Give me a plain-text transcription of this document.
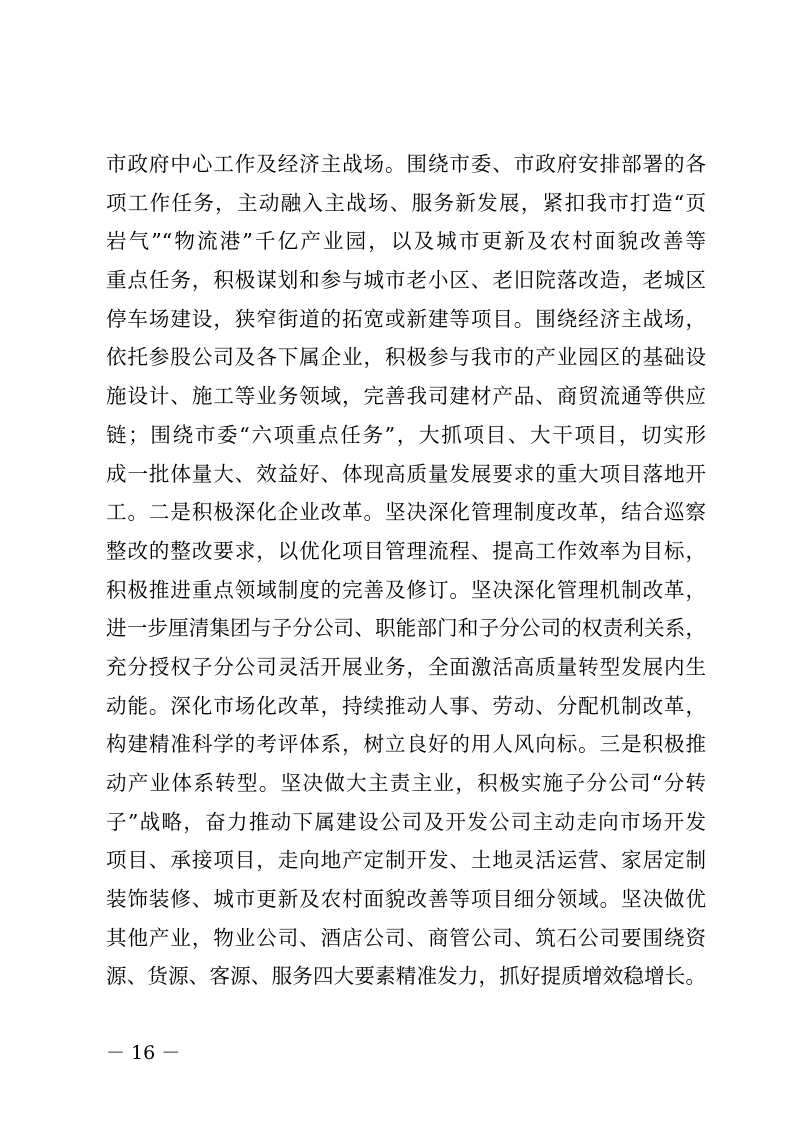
市政府中心工作及经济主战场。围绕市委、市政府安排部署的各
项工作任务，主动融入主战场、服务新发展，紧扣我市打造“页
岩气”“物流港”千亿产业园，以及城市更新及农村面貌改善等
重点任务，积极谋划和参与城市老小区、老旧院落改造，老城区
停车场建设，狭窄街道的拓宽或新建等项目。围绕经济主战场，
依托参股公司及各下属企业，积极参与我市的产业园区的基础设
施设计、施工等业务领域，完善我司建材产品、商贸流通等供应
链；围绕市委“六项重点任务”，大抓项目、大干项目，切实形
成一批体量大、效益好、体现高质量发展要求的重大项目落地开
工。二是积极深化企业改革。坚决深化管理制度改革，结合巡察
整改的整改要求，以优化项目管理流程、提高工作效率为目标，
积极推进重点领域制度的完善及修订。坚决深化管理机制改革，
进一步厘清集团与子分公司、职能部门和子分公司的权责利关系，
充分授权子分公司灵活开展业务，全面激活高质量转型发展内生
动能。深化市场化改革，持续推动人事、劳动、分配机制改革，
构建精准科学的考评体系，树立良好的用人风向标。三是积极推
动产业体系转型。坚决做大主责主业，积极实施子分公司“分转
子”战略，奋力推动下属建设公司及开发公司主动走向市场开发
项目、承接项目，走向地产定制开发、土地灵活运营、家居定制
装饰装修、城市更新及农村面貌改善等项目细分领域。坚决做优
其他产业，物业公司、酒店公司、商管公司、筑石公司要围绕资
源、货源、客源、服务四大要素精准发力，抓好提质增效稳增长。
－ 16 －
